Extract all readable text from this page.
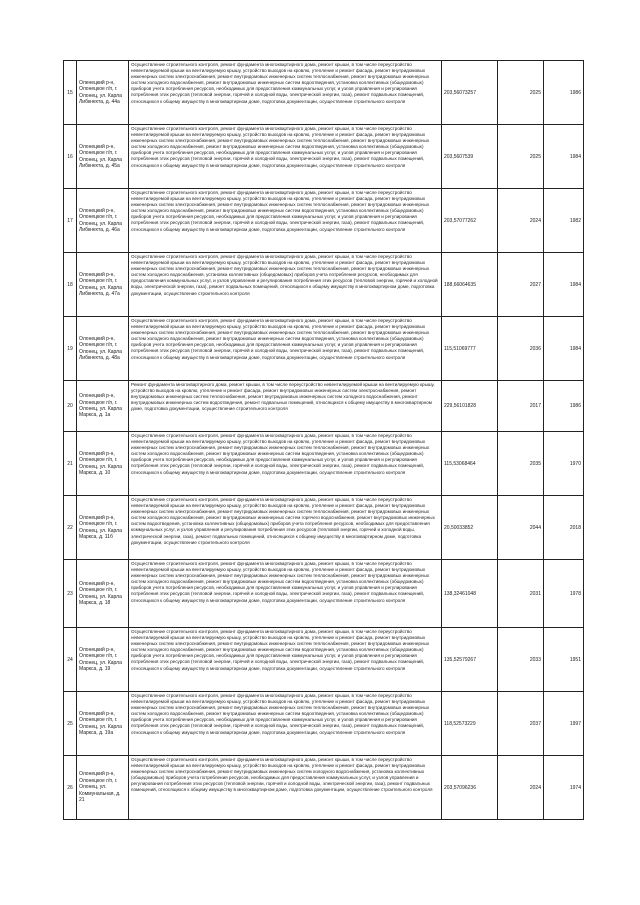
15	Оленецкий р-н, Олонецкое г/п, г. Олонец, ул. Карла Либкнехта, д. 44а	Осуществление строительного контроля, ремонт фундамента многоквартирного дома, ремонт крыши, в том числе переустройство невентилируемой крыши на вентилируемую крышу, устройство выходов на кровлю, утепление и ремонт фасада, ремонт внутридомовых инженерных систем электроснабжения, ремонт внутридомовых инженерных систем теплоснабжения, ремонт внутридомовых инженерных систем холодного водоснабжения, ремонт внутридомовых инженерных систем водоотведения, установка коллективных (общедомовых) приборов учета потребления ресурсов, необходимых для предоставления коммунальных услуг, и узлов управления и регулирования потребления этих ресурсов (тепловой энергии, горячей и холодной воды, электрической энергии, газа), ремонт подвальных помещений, относящихся к общему имуществу в многоквартирном доме, подготовка документации, осуществление строительного контроля	203,56073257	2025	1986
16	Олонецкий р-н, Олонецкое г/п, г. Олонец, ул. Карла Либкнехта, д. 45а	Осуществление строительного контроля, ремонт фундамента многоквартирного дома, ремонт крыши, в том числе переустройство невентилируемой крыши на вентилируемую крышу, устройство выходов на кровлю, утепление и ремонт фасада, ремонт внутридомовых инженерных систем электроснабжения, ремонт внутридомовых инженерных систем теплоснабжения, ремонт внутридомовых инженерных систем холодного водоснабжения, ремонт внутридомовых инженерных систем водоотведения, установка коллективных (общедомовых) приборов учета потребления ресурсов, необходимых для предоставления коммунальных услуг, и узлов управления и регулирования потребления этих ресурсов (тепловой энергии, горячей и холодной воды, электрической энергии, газа), ремонт подвальных помещений, относящихся к общему имуществу в многоквартирном доме, подготовка документации, осуществление строительного контроля	203,5607539	2025	1984
17	Олонецкий р-н, Олонецкое г/п, г. Олонец, ул. Карла Либкнехта, д. 46а	Осуществление строительного контроля, ремонт фундамента многоквартирного дома, ремонт крыши, в том числе переустройство невентилируемой крыши на вентилируемую крышу, устройство выходов на кровлю, утепление и ремонт фасада, ремонт внутридомовых инженерных систем электроснабжения, ремонт внутридомовых инженерных систем теплоснабжения, ремонт внутридомовых инженерных систем холодного водоснабжения, ремонт внутридомовых инженерных систем водоотведения, установка коллективных (общедомовых) приборов учета потребления ресурсов, необходимых для предоставления коммунальных услуг, и узлов управления и регулирования потребления этих ресурсов (тепловой энергии, горячей и холодной воды, электрической энергии, газа), ремонт подвальных помещений, относящихся к общему имуществу в многоквартирном доме, подготовка документации, осуществление строительного контроля	203,57077262	2024	1982
18	Олонецкий р-н, Олонецкое г/п, г. Олонец, ул. Карла Либкнехта, д. 47а	Осуществление строительного контроля, ремонт фундамента многоквартирного дома, ремонт крыши, в том числе переустройство невентилируемой крыши на вентилируемую крышу, устройство выходов на кровлю, утепление и ремонт фасада, ремонт внутридомовых инженерных систем электроснабжения, ремонт внутридомовых инженерных систем теплоснабжения, ремонт внутридомовых инженерных систем холодного водоснабжения, установка коллективных (общедомовых) приборов учета потребления ресурсов, необходимых для предоставления коммунальных услуг, и узлов управления и регулирования потребления этих ресурсов (тепловой энергии, горячей и холодной воды, электрической энергии, газа), ремонт подвальных помещений, относящихся к общему имуществу в многоквартирном доме, подготовка документации, осуществление строительного контроля	188,66064635	2027	1984
19	Олонецкий р-н, Олонецкое г/п, г. Олонец, ул. Карла Либкнехта, д. 48а	Осуществление строительного контроля, ремонт фундамента многоквартирного дома, ремонт крыши, в том числе переустройство невентилируемой крыши на вентилируемую крышу, устройство выходов на кровлю, утепление и ремонт фасада, ремонт внутридомовых инженерных систем электроснабжения, ремонт внутридомовых инженерных систем теплоснабжения, ремонт внутридомовых инженерных систем холодного водоснабжения, ремонт внутридомовых инженерных систем водоотведения, установка коллективных (общедомовых) приборов учета потребления ресурсов, необходимых для предоставления коммунальных услуг, и узлов управления и регулирования потребления этих ресурсов (тепловой энергии, горячей и холодной воды, электрической энергии, газа), ремонт подвальных помещений, относящихся к общему имуществу в многоквартирном доме, подготовка документации, осуществление строительного контроля	115,51069777	2036	1984
20	Олонецкий р-н, Олонецкое г/п, г. Олонец, ул. Карла Маркса, д. 1а	Ремонт фундамента многоквартирного дома, ремонт крыши, в том числе переустройство невентилируемой крыши на вентилируемую крышу, устройство выходов на кровлю, утепление и ремонт фасада, ремонт внутридомовых инженерных систем электроснабжения, ремонт внутридомовых инженерных систем теплоснабжения, ремонт внутридомовых инженерных систем холодного водоснабжения, ремонт внутридомовых инженерных систем водоотведения, ремонт подвальных помещений, относящихся к общему имуществу в многоквартирном доме, подготовка документации, осуществление строительного контроля	229,56101828	2017	1986
21	Олонецкий р-н, Олонецкое г/п, г. Олонец, ул. Карла Маркса, д. 10	Осуществление строительного контроля, ремонт фундамента многоквартирного дома, ремонт крыши, в том числе переустройство невентилируемой крыши на вентилируемую крышу, устройство выходов на кровлю, утепление и ремонт фасада, ремонт внутридомовых инженерных систем электроснабжения, ремонт внутридомовых инженерных систем теплоснабжения, ремонт внутридомовых инженерных систем холодного водоснабжения, ремонт внутридомовых инженерных систем водоотведения, установка коллективных (общедомовых) приборов учета потребления ресурсов, необходимых для предоставления коммунальных услуг, и узлов управления и регулирования потребления этих ресурсов (тепловой энергии, горячей и холодной воды, электрической энергии, газа), ремонт подвальных помещений, относящихся к общему имуществу в многоквартирном доме, подготовка документации, осуществление строительного контроля	115,53068464	2035	1970
22	Олонецкий р-н, Олонецкое г/п, г. Олонец, ул. Карла Маркса, д. 11б	Осуществление строительного контроля, ремонт фундамента многоквартирного дома, ремонт крыши, в том числе переустройство невентилируемой крыши на вентилируемую крышу, устройство выходов на кровлю, утепление и ремонт фасада, ремонт внутридомовых инженерных систем электроснабжения, ремонт внутридомовых инженерных систем теплоснабжения, ремонт внутридомовых инженерных систем холодного водоснабжения, ремонт внутридомовых инженерных систем горячего водоснабжения, ремонт внутридомовых инженерных систем водоотведения, установка коллективных (общедомовых) приборов учета потребления ресурсов, необходимых для предоставления коммунальных услуг, и узлов управления и регулирования потребления этих ресурсов (тепловой энергии, горячей и холодной воды, электрической энергии, газа), ремонт подвальных помещений, относящихся к общему имуществу в многоквартирном доме, подготовка документации, осуществление строительного контроля	20,50033852	2044	2018
23	Олонецкий р-н, Олонецкое г/п, г. Олонец, ул. Карла Маркса, д. 18	Осуществление строительного контроля, ремонт фундамента многоквартирного дома, ремонт крыши, в том числе переустройство невентилируемой крыши на вентилируемую крышу, устройство выходов на кровлю, утепление и ремонт фасада, ремонт внутридомовых инженерных систем электроснабжения, ремонт внутридомовых инженерных систем теплоснабжения, ремонт внутридомовых инженерных систем холодного водоснабжения, ремонт внутридомовых инженерных систем водоотведения, установка коллективных (общедомовых) приборов учета потребления ресурсов, необходимых для предоставления коммунальных услуг, и узлов управления и регулирования потребления этих ресурсов (тепловой энергии, горячей и холодной воды, электрической энергии, газа), ремонт подвальных помещений, относящихся к общему имуществу в многоквартирном доме, подготовка документации, осуществление строительного контроля	138,32461048	2031	1978
24	Олонецкий р-н, Олонецкое г/п, г. Олонец, ул. Карла Маркса, д. 19	Осуществление строительного контроля, ремонт фундамента многоквартирного дома, ремонт крыши, в том числе переустройство невентилируемой крыши на вентилируемую крышу, устройство выходов на кровлю, утепление и ремонт фасада, ремонт внутридомовых инженерных систем электроснабжения, ремонт внутридомовых инженерных систем теплоснабжения, ремонт внутридомовых инженерных систем холодного водоснабжения, ремонт внутридомовых инженерных систем водоотведения, установка коллективных (общедомовых) приборов учета потребления ресурсов, необходимых для предоставления коммунальных услуг, и узлов управления и регулирования потребления этих ресурсов (тепловой энергии, горячей и холодной воды, электрической энергии, газа), ремонт подвальных помещений, относящихся к общему имуществу в многоквартирном доме, подготовка документации, осуществление строительного контроля	135,52579267	2033	1951
25	Олонецкий р-н, Олонецкое г/п, г. Олонец, ул. Карла Маркса, д. 19а	Осуществление строительного контроля, ремонт фундамента многоквартирного дома, ремонт крыши, в том числе переустройство невентилируемой крыши на вентилируемую крышу, устройство выходов на кровлю, утепление и ремонт фасада, ремонт внутридомовых инженерных систем электроснабжения, ремонт внутридомовых инженерных систем теплоснабжения, ремонт внутридомовых инженерных систем холодного водоснабжения, ремонт внутридомовых инженерных систем водоотведения, установка коллективных (общедомовых) приборов учета потребления ресурсов, необходимых для предоставления коммунальных услуг, и узлов управления и регулирования потребления этих ресурсов (тепловой энергии, горячей и холодной воды, электрической энергии, газа), ремонт подвальных помещений, относящихся к общему имуществу в многоквартирном доме, подготовка документации, осуществление строительного контроля	118,52573229	2037	1997
26	Олонецкий р-н, Олонецкое г/п, г. Олонец, ул. Коммунальная, д. 21	Осуществление строительного контроля, ремонт фундамента многоквартирного дома, ремонт крыши, в том числе переустройство невентилируемой крыши на вентилируемую крышу, устройство выходов на кровлю, утепление и ремонт фасада, ремонт внутридомовых инженерных систем электроснабжения, ремонт внутридомовых инженерных систем холодного водоснабжения, установка коллективных (общедомовых) приборов учета потребления ресурсов, необходимых для предоставления коммунальных услуг, и узлов управления и регулирования потребления этих ресурсов (тепловой энергии, горячей и холодной воды, электрической энергии, газа), ремонт подвальных помещений, относящихся к общему имуществу в многоквартирном доме, подготовка документации, осуществление строительного контроля	203,57096236	2024	1974
